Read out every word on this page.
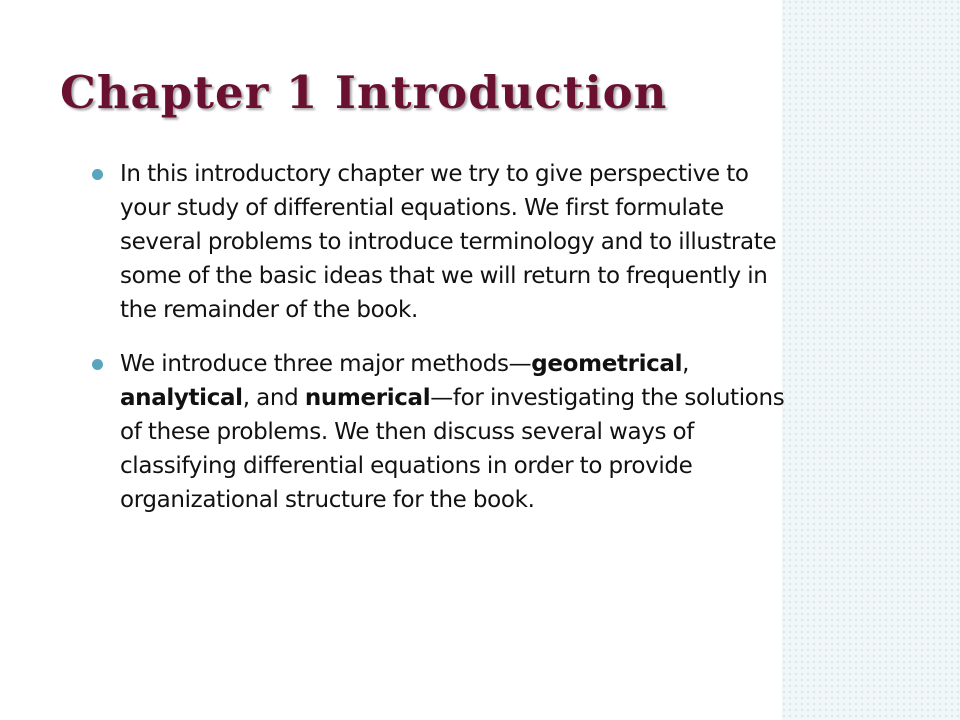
Chapter 1 Introduction
In this introductory chapter we try to give perspective to your study of differential equations. We first formulate several problems to introduce terminology and to illustrate some of the basic ideas that we will return to frequently in the remainder of the book.
We introduce three major methods—geometrical, analytical, and numerical—for investigating the solutions of these problems. We then discuss several ways of classifying differential equations in order to provide organizational structure for the book.
